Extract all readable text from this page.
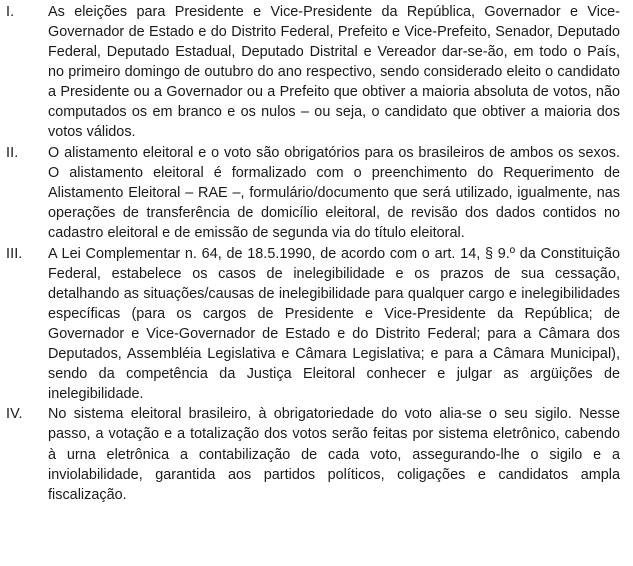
I.	As eleições para Presidente e Vice-Presidente da República, Governador e Vice-Governador de Estado e do Distrito Federal, Prefeito e Vice-Prefeito, Senador, Deputado Federal, Deputado Estadual, Deputado Distrital e Vereador dar-se-ão, em todo o País, no primeiro domingo de outubro do ano respectivo, sendo considerado eleito o candidato a Presidente ou a Governador ou a Prefeito que obtiver a maioria absoluta de votos, não computados os em branco e os nulos – ou seja, o candidato que obtiver a maioria dos votos válidos.
II.	O alistamento eleitoral e o voto são obrigatórios para os brasileiros de ambos os sexos. O alistamento eleitoral é formalizado com o preenchimento do Requerimento de Alistamento Eleitoral – RAE –, formulário/documento que será utilizado, igualmente, nas operações de transferência de domicílio eleitoral, de revisão dos dados contidos no cadastro eleitoral e de emissão de segunda via do título eleitoral.
III.	A Lei Complementar n. 64, de 18.5.1990, de acordo com o art. 14, § 9.º da Constituição Federal, estabelece os casos de inelegibilidade e os prazos de sua cessação, detalhando as situações/causas de inelegibilidade para qualquer cargo e inelegibilidades específicas (para os cargos de Presidente e Vice-Presidente da República; de Governador e Vice-Governador de Estado e do Distrito Federal; para a Câmara dos Deputados, Assembléia Legislativa e Câmara Legislativa; e para a Câmara Municipal), sendo da competência da Justiça Eleitoral conhecer e julgar as argüições de inelegibilidade.
IV.	No sistema eleitoral brasileiro, à obrigatoriedade do voto alia-se o seu sigilo. Nesse passo, a votação e a totalização dos votos serão feitas por sistema eletrônico, cabendo à urna eletrônica a contabilização de cada voto, assegurando-lhe o sigilo e a inviolabilidade, garantida aos partidos políticos, coligações e candidatos ampla fiscalização.
